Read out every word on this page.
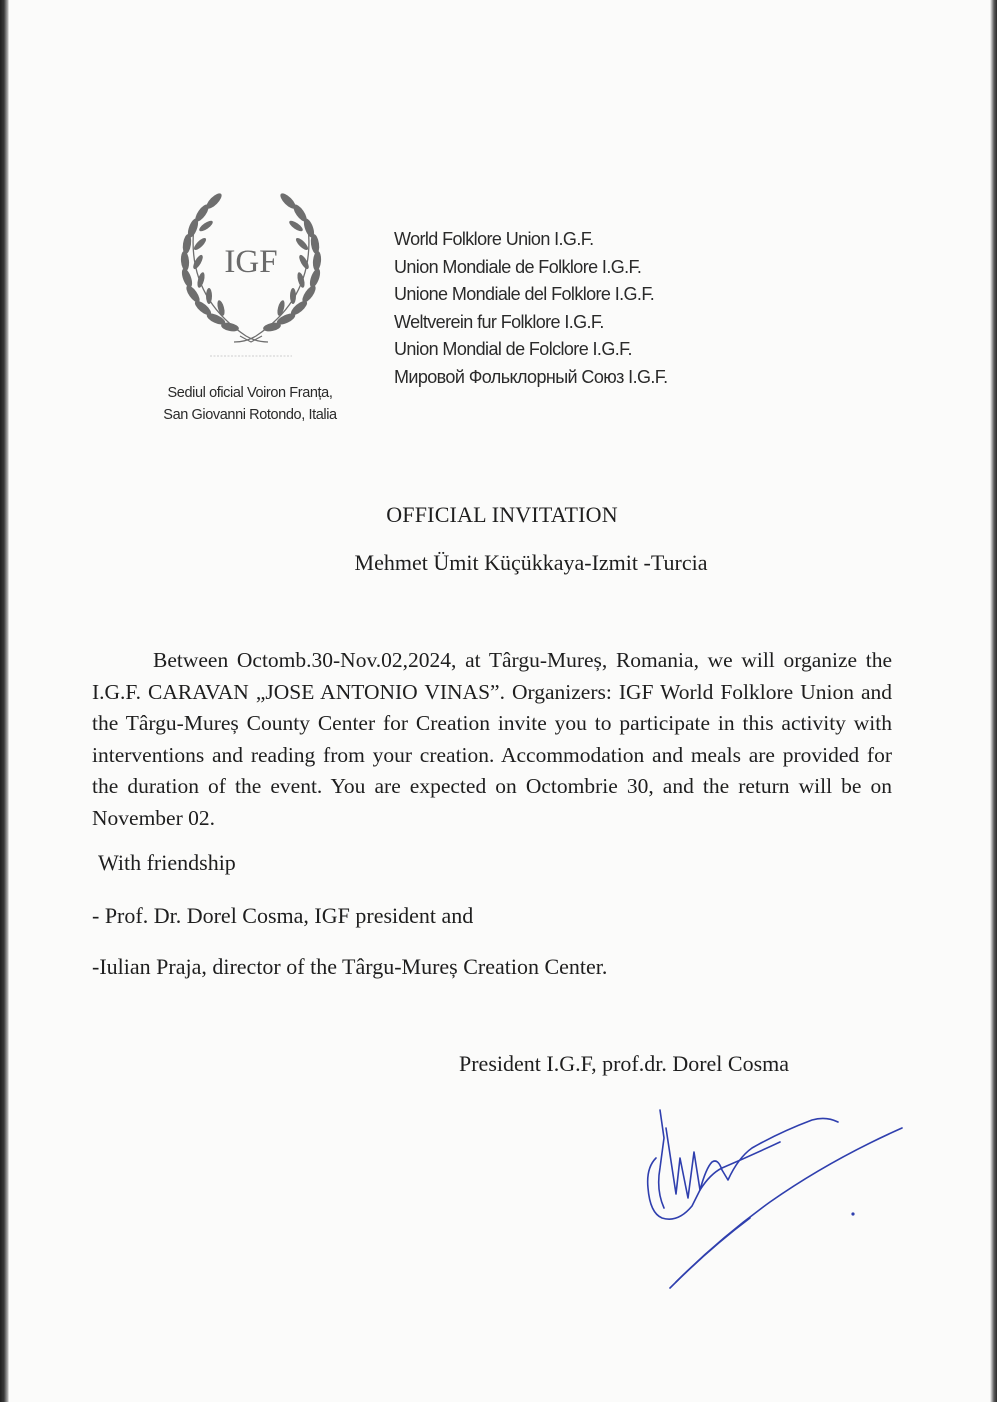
IGF
Sediul oficial Voiron Franța,
San Giovanni Rotondo, Italia
World Folklore Union I.G.F.
Union Mondiale de Folklore I.G.F.
Unione Mondiale del Folklore I.G.F.
Weltverein fur Folklore I.G.F.
Union Mondial de Folclore I.G.F.
Мировой Фольклорный Союз I.G.F.
OFFICIAL INVITATION
Mehmet Ümit Küçükkaya-Izmit -Turcia
Between Octomb.30-Nov.02,2024, at Târgu-Mureș, Romania, we will organize the I.G.F. CARAVAN „JOSE ANTONIO VINAS”. Organizers: IGF World Folklore Union and the Târgu-Mureș County Center for Creation invite you to participate in this activity with interventions and reading from your creation. Accommodation and meals are provided for the duration of the event. You are expected on Octombrie 30, and the return will be on November 02.
With friendship
- Prof. Dr. Dorel Cosma, IGF president and
-Iulian Praja, director of the Târgu-Mureș Creation Center.
President I.G.F, prof.dr. Dorel Cosma
